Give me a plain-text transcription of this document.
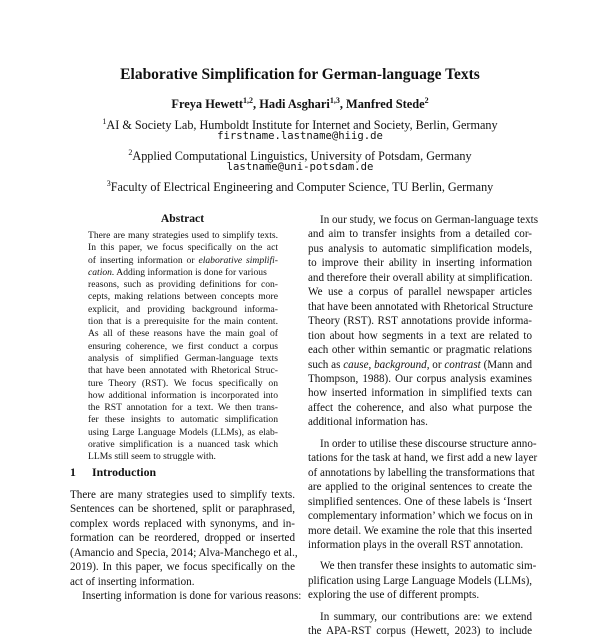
Elaborative Simplification for German-language Texts
Freya Hewett$^{1,2}$, Hadi Asghari$^{1,3}$, Manfred Stede$^2$
$^1$AI & Society Lab, Humboldt Institute for Internet and Society, Berlin, Germany
firstname.lastname@hiig.de
$^2$Applied Computational Linguistics, University of Potsdam, Germany
lastname@uni-potsdam.de
$^3$Faculty of Electrical Engineering and Computer Science, TU Berlin, Germany
Abstract
There are many strategies used to simplify texts.
In this paper, we focus specifically on the act
of inserting information or elaborative simplifi-
cation. Adding information is done for various
reasons, such as providing definitions for con-
cepts, making relations between concepts more
explicit, and providing background informa-
tion that is a prerequisite for the main content.
As all of these reasons have the main goal of
ensuring coherence, we first conduct a corpus
analysis of simplified German-language texts
that have been annotated with Rhetorical Struc-
ture Theory (RST). We focus specifically on
how additional information is incorporated into
the RST annotation for a text. We then trans-
fer these insights to automatic simplification
using Large Language Models (LLMs), as elab-
orative simplification is a nuanced task which
LLMs still seem to struggle with.
1 Introduction
There are many strategies used to simplify texts.
Sentences can be shortened, split or paraphrased,
complex words replaced with synonyms, and in-
formation can be reordered, dropped or inserted
(Amancio and Specia, 2014; Alva-Manchego et al.,
2019). In this paper, we focus specifically on the
act of inserting information.
Inserting information is done for various reasons:
In our study, we focus on German-language texts
and aim to transfer insights from a detailed cor-
pus analysis to automatic simplification models,
to improve their ability in inserting information
and therefore their overall ability at simplification.
We use a corpus of parallel newspaper articles
that have been annotated with Rhetorical Structure
Theory (RST). RST annotations provide informa-
tion about how segments in a text are related to
each other within semantic or pragmatic relations
such as cause, background, or contrast (Mann and
Thompson, 1988). Our corpus analysis examines
how inserted information in simplified texts can
affect the coherence, and also what purpose the
additional information has.
In order to utilise these discourse structure anno-
tations for the task at hand, we first add a new layer
of annotations by labelling the transformations that
are applied to the original sentences to create the
simplified sentences. One of these labels is ‘Insert
complementary information’ which we focus on in
more detail. We examine the role that this inserted
information plays in the overall RST annotation.
We then transfer these insights to automatic sim-
plification using Large Language Models (LLMs),
exploring the use of different prompts.
In summary, our contributions are: we extend
the APA-RST corpus (Hewett, 2023) to include
